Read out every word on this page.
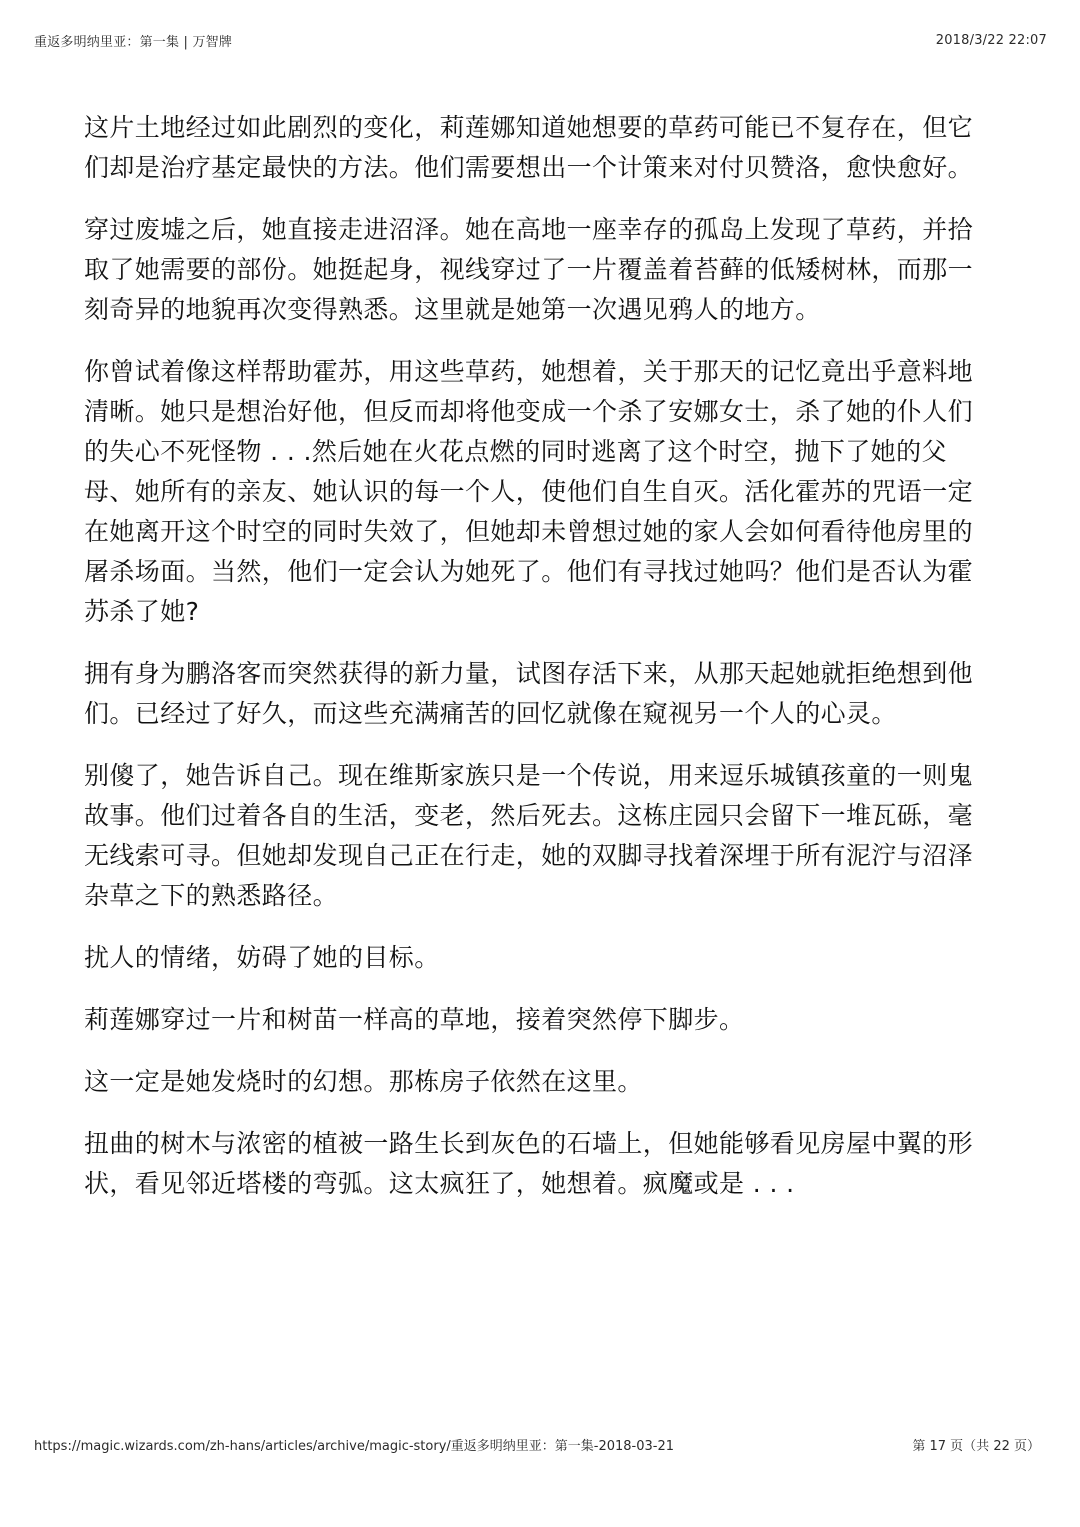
重返多明纳里亚：第一集 | 万智牌	2018/3/22 22:07

这片土地经过如此剧烈的变化，莉莲娜知道她想要的草药可能已不复存在，但它们却是治疗基定最快的方法。他们需要想出一个计策来对付贝赞洛，愈快愈好。

穿过废墟之后，她直接走进沼泽。她在高地一座幸存的孤岛上发现了草药，并拾取了她需要的部份。她挺起身，视线穿过了一片覆盖着苔藓的低矮树林，而那一刻奇异的地貌再次变得熟悉。这里就是她第一次遇见鸦人的地方。

你曾试着像这样帮助霍苏，用这些草药，她想着，关于那天的记忆竟出乎意料地清晰。她只是想治好他，但反而却将他变成一个杀了安娜女士，杀了她的仆人们的失心不死怪物 . . .然后她在火花点燃的同时逃离了这个时空，抛下了她的父母、她所有的亲友、她认识的每一个人，使他们自生自灭。活化霍苏的咒语一定在她离开这个时空的同时失效了，但她却未曾想过她的家人会如何看待他房里的屠杀场面。当然，他们一定会认为她死了。他们有寻找过她吗？他们是否认为霍苏杀了她?

拥有身为鹏洛客而突然获得的新力量，试图存活下来，从那天起她就拒绝想到他们。已经过了好久，而这些充满痛苦的回忆就像在窥视另一个人的心灵。

别傻了，她告诉自己。现在维斯家族只是一个传说，用来逗乐城镇孩童的一则鬼故事。他们过着各自的生活，变老，然后死去。这栋庄园只会留下一堆瓦砾，毫无线索可寻。但她却发现自己正在行走，她的双脚寻找着深埋于所有泥泞与沼泽杂草之下的熟悉路径。

扰人的情绪，妨碍了她的目标。

莉莲娜穿过一片和树苗一样高的草地，接着突然停下脚步。

这一定是她发烧时的幻想。那栋房子依然在这里。

扭曲的树木与浓密的植被一路生长到灰色的石墙上，但她能够看见房屋中翼的形状，看见邻近塔楼的弯弧。这太疯狂了，她想着。疯魔或是 . . .

https://magic.wizards.com/zh-hans/articles/archive/magic-story/重返多明纳里亚：第一集-2018-03-21	第 17 页（共 22 页）
